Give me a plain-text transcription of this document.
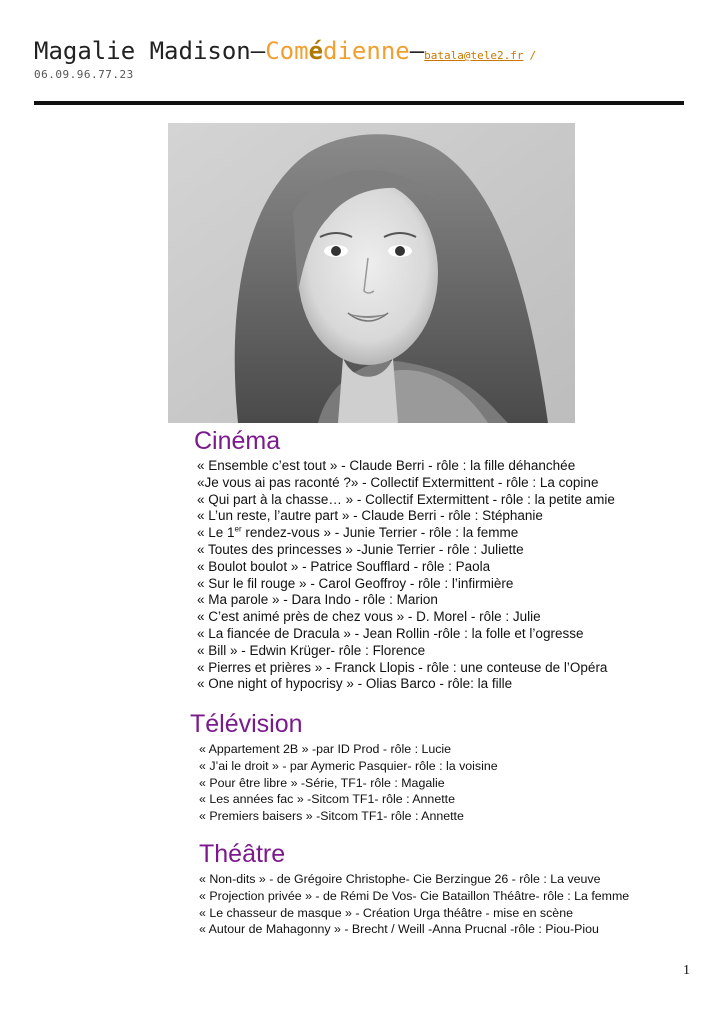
Magalie Madison–Comédienne–batala@tele2.fr /
06.09.96.77.23
Cinéma
« Ensemble c’est tout » - Claude Berri - rôle : la fille déhanchée
«Je vous ai pas raconté ?» - Collectif Extermittent - rôle : La copine
« Qui part à la chasse… » - Collectif Extermittent - rôle : la petite amie
« L’un reste, l’autre part » - Claude Berri - rôle : Stéphanie
« Le 1er rendez-vous » - Junie Terrier - rôle : la femme
« Toutes des princesses » -Junie Terrier - rôle : Juliette
« Boulot boulot » - Patrice Soufflard - rôle : Paola
« Sur le fil rouge » - Carol Geoffroy - rôle : l’infirmière
« Ma parole » - Dara Indo - rôle : Marion
« C’est animé près de chez vous » - D. Morel - rôle : Julie
« La fiancée de Dracula » - Jean Rollin -rôle : la folle et l’ogresse
« Bill » - Edwin Krüger- rôle : Florence
« Pierres et prières » - Franck Llopis - rôle : une conteuse de l’Opéra
« One night of hypocrisy » - Olias Barco - rôle: la fille
Télévision
« Appartement 2B » -par ID Prod - rôle : Lucie
« J’ai le droit » - par Aymeric Pasquier- rôle : la voisine
« Pour être libre » -Série, TF1- rôle : Magalie
« Les années fac » -Sitcom TF1- rôle : Annette
« Premiers baisers » -Sitcom TF1- rôle : Annette
Théâtre
« Non-dits » - de Grégoire Christophe- Cie Berzingue 26 - rôle : La veuve
« Projection privée » - de Rémi De Vos- Cie Bataillon Théâtre- rôle : La femme
« Le chasseur de masque » - Création Urga théâtre - mise en scène
« Autour de Mahagonny » - Brecht / Weill -Anna Prucnal -rôle : Piou-Piou
1
